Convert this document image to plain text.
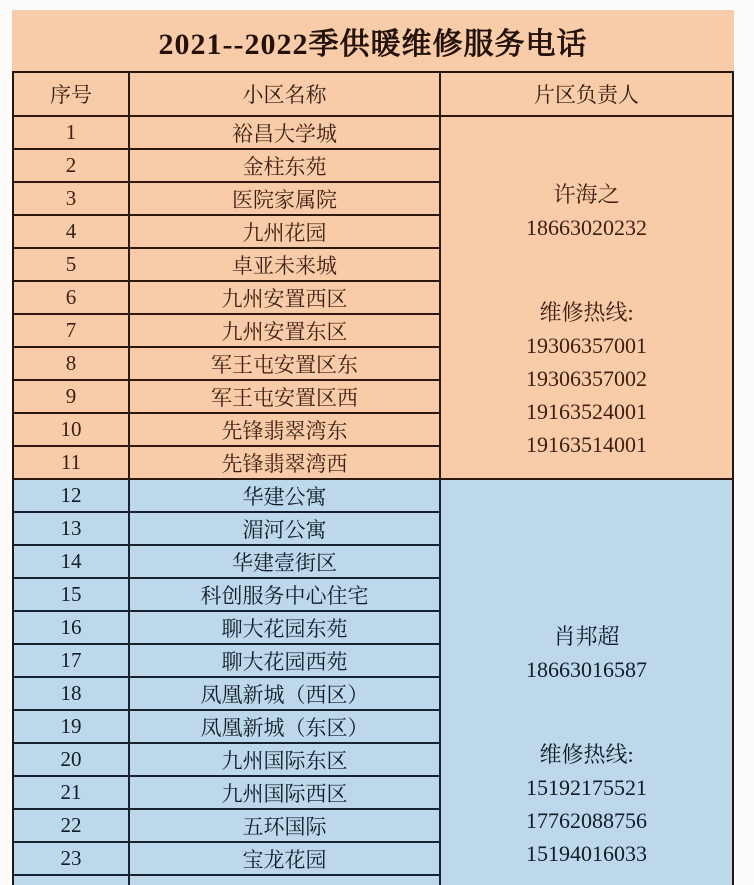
2021--2022季供暖维修服务电话
序号	小区名称	片区负责人
许海之
18663020232
维修热线:
19306357001
19306357002
19163524001
19163514001
1	裕昌大学城
2	金柱东苑
3	医院家属院
4	九州花园
5	卓亚未来城
6	九州安置西区
7	九州安置东区
8	军王屯安置区东
9	军王屯安置区西
10	先锋翡翠湾东
11	先锋翡翠湾西
肖邦超
18663016587
维修热线:
15192175521
17762088756
15194016033
12	华建公寓
13	湄河公寓
14	华建壹街区
15	科创服务中心住宅
16	聊大花园东苑
17	聊大花园西苑
18	凤凰新城（西区）
19	凤凰新城（东区）
20	九州国际东区
21	九州国际西区
22	五环国际
23	宝龙花园
